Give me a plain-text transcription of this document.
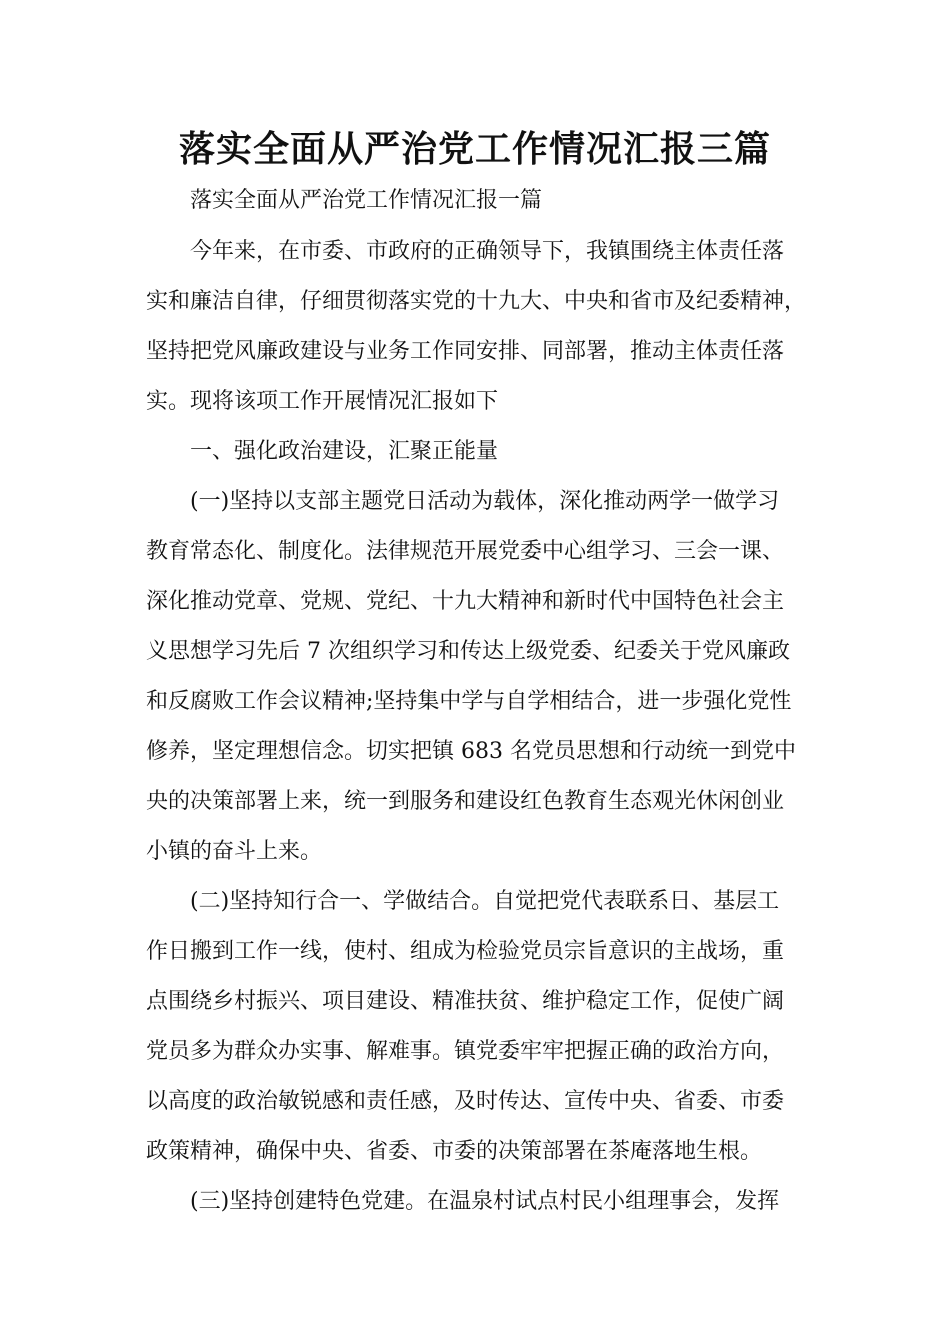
落实全面从严治党工作情况汇报三篇
落实全面从严治党工作情况汇报一篇
今年来，在市委、市政府的正确领导下，我镇围绕主体责任落
实和廉洁自律，仔细贯彻落实党的十九大、中央和省市及纪委精神，
坚持把党风廉政建设与业务工作同安排、同部署，推动主体责任落
实。现将该项工作开展情况汇报如下
一、强化政治建设，汇聚正能量
(一)坚持以支部主题党日活动为载体，深化推动两学一做学习
教育常态化、制度化。法律规范开展党委中心组学习、三会一课、
深化推动党章、党规、党纪、十九大精神和新时代中国特色社会主
义思想学习先后 7 次组织学习和传达上级党委、纪委关于党风廉政
和反腐败工作会议精神;坚持集中学与自学相结合，进一步强化党性
修养，坚定理想信念。切实把镇 683 名党员思想和行动统一到党中
央的决策部署上来，统一到服务和建设红色教育生态观光休闲创业
小镇的奋斗上来。
(二)坚持知行合一、学做结合。自觉把党代表联系日、基层工
作日搬到工作一线，使村、组成为检验党员宗旨意识的主战场，重
点围绕乡村振兴、项目建设、精准扶贫、维护稳定工作，促使广阔
党员多为群众办实事、解难事。镇党委牢牢把握正确的政治方向，
以高度的政治敏锐感和责任感，及时传达、宣传中央、省委、市委
政策精神，确保中央、省委、市委的决策部署在茶庵落地生根。
(三)坚持创建特色党建。在温泉村试点村民小组理事会，发挥
